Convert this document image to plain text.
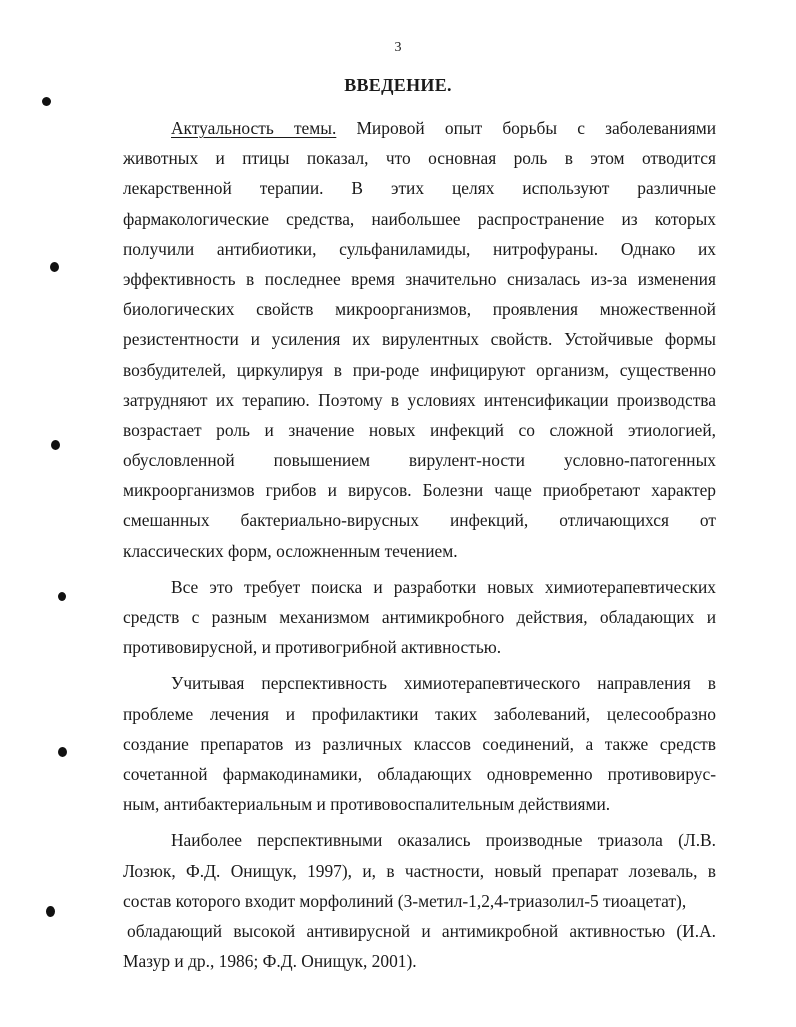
3
ВВЕДЕНИЕ.
Актуальность темы. Мировой опыт борьбы с заболеваниями
животных и птицы показал, что основная роль в этом отводится
лекарственной терапии. В этих целях используют различные
фармакологические средства, наибольшее распространение из которых
получили антибиотики, сульфаниламиды, нитрофураны. Однако их
эффективность в последнее время значительно снизалась из-за изменения
биологических свойств микроорганизмов, проявления множественной
резистентности и усиления их вирулентных свойств. Устойчивые формы
возбудителей, циркулируя в при-роде инфицируют организм, существенно
затрудняют их терапию. Поэтому в условиях интенсификации производства
возрастает роль и значение новых инфекций со сложной этиологией,
обусловленной повышением вирулент-ности условно-патогенных
микроорганизмов грибов и вирусов. Болезни чаще приобретают характер
смешанных бактериально-вирусных инфекций, отличающихся от
классических форм, осложненным течением.
Все это требует поиска и разработки новых химиотерапевтических
средств с разным механизмом антимикробного действия, обладающих и
противовирусной, и противогрибной активностью.
Учитывая перспективность химиотерапевтического направления в
проблеме лечения и профилактики таких заболеваний, целесообразно
создание препаратов из различных классов соединений, а также средств
сочетанной фармакодинамики, обладающих одновременно противовирус-
ным, антибактериальным и противовоспалительным действиями.
Наиболее перспективными оказались производные триазола (Л.В.
Лозюк, Ф.Д. Онищук, 1997), и, в частности, новый препарат лозеваль, в
состав которого входит морфолиний (3-метил-1,2,4-триазолил-5 тиоацетат),
обладающий высокой антивирусной и антимикробной активностью (И.А.
Мазур и др., 1986; Ф.Д. Онищук, 2001).
